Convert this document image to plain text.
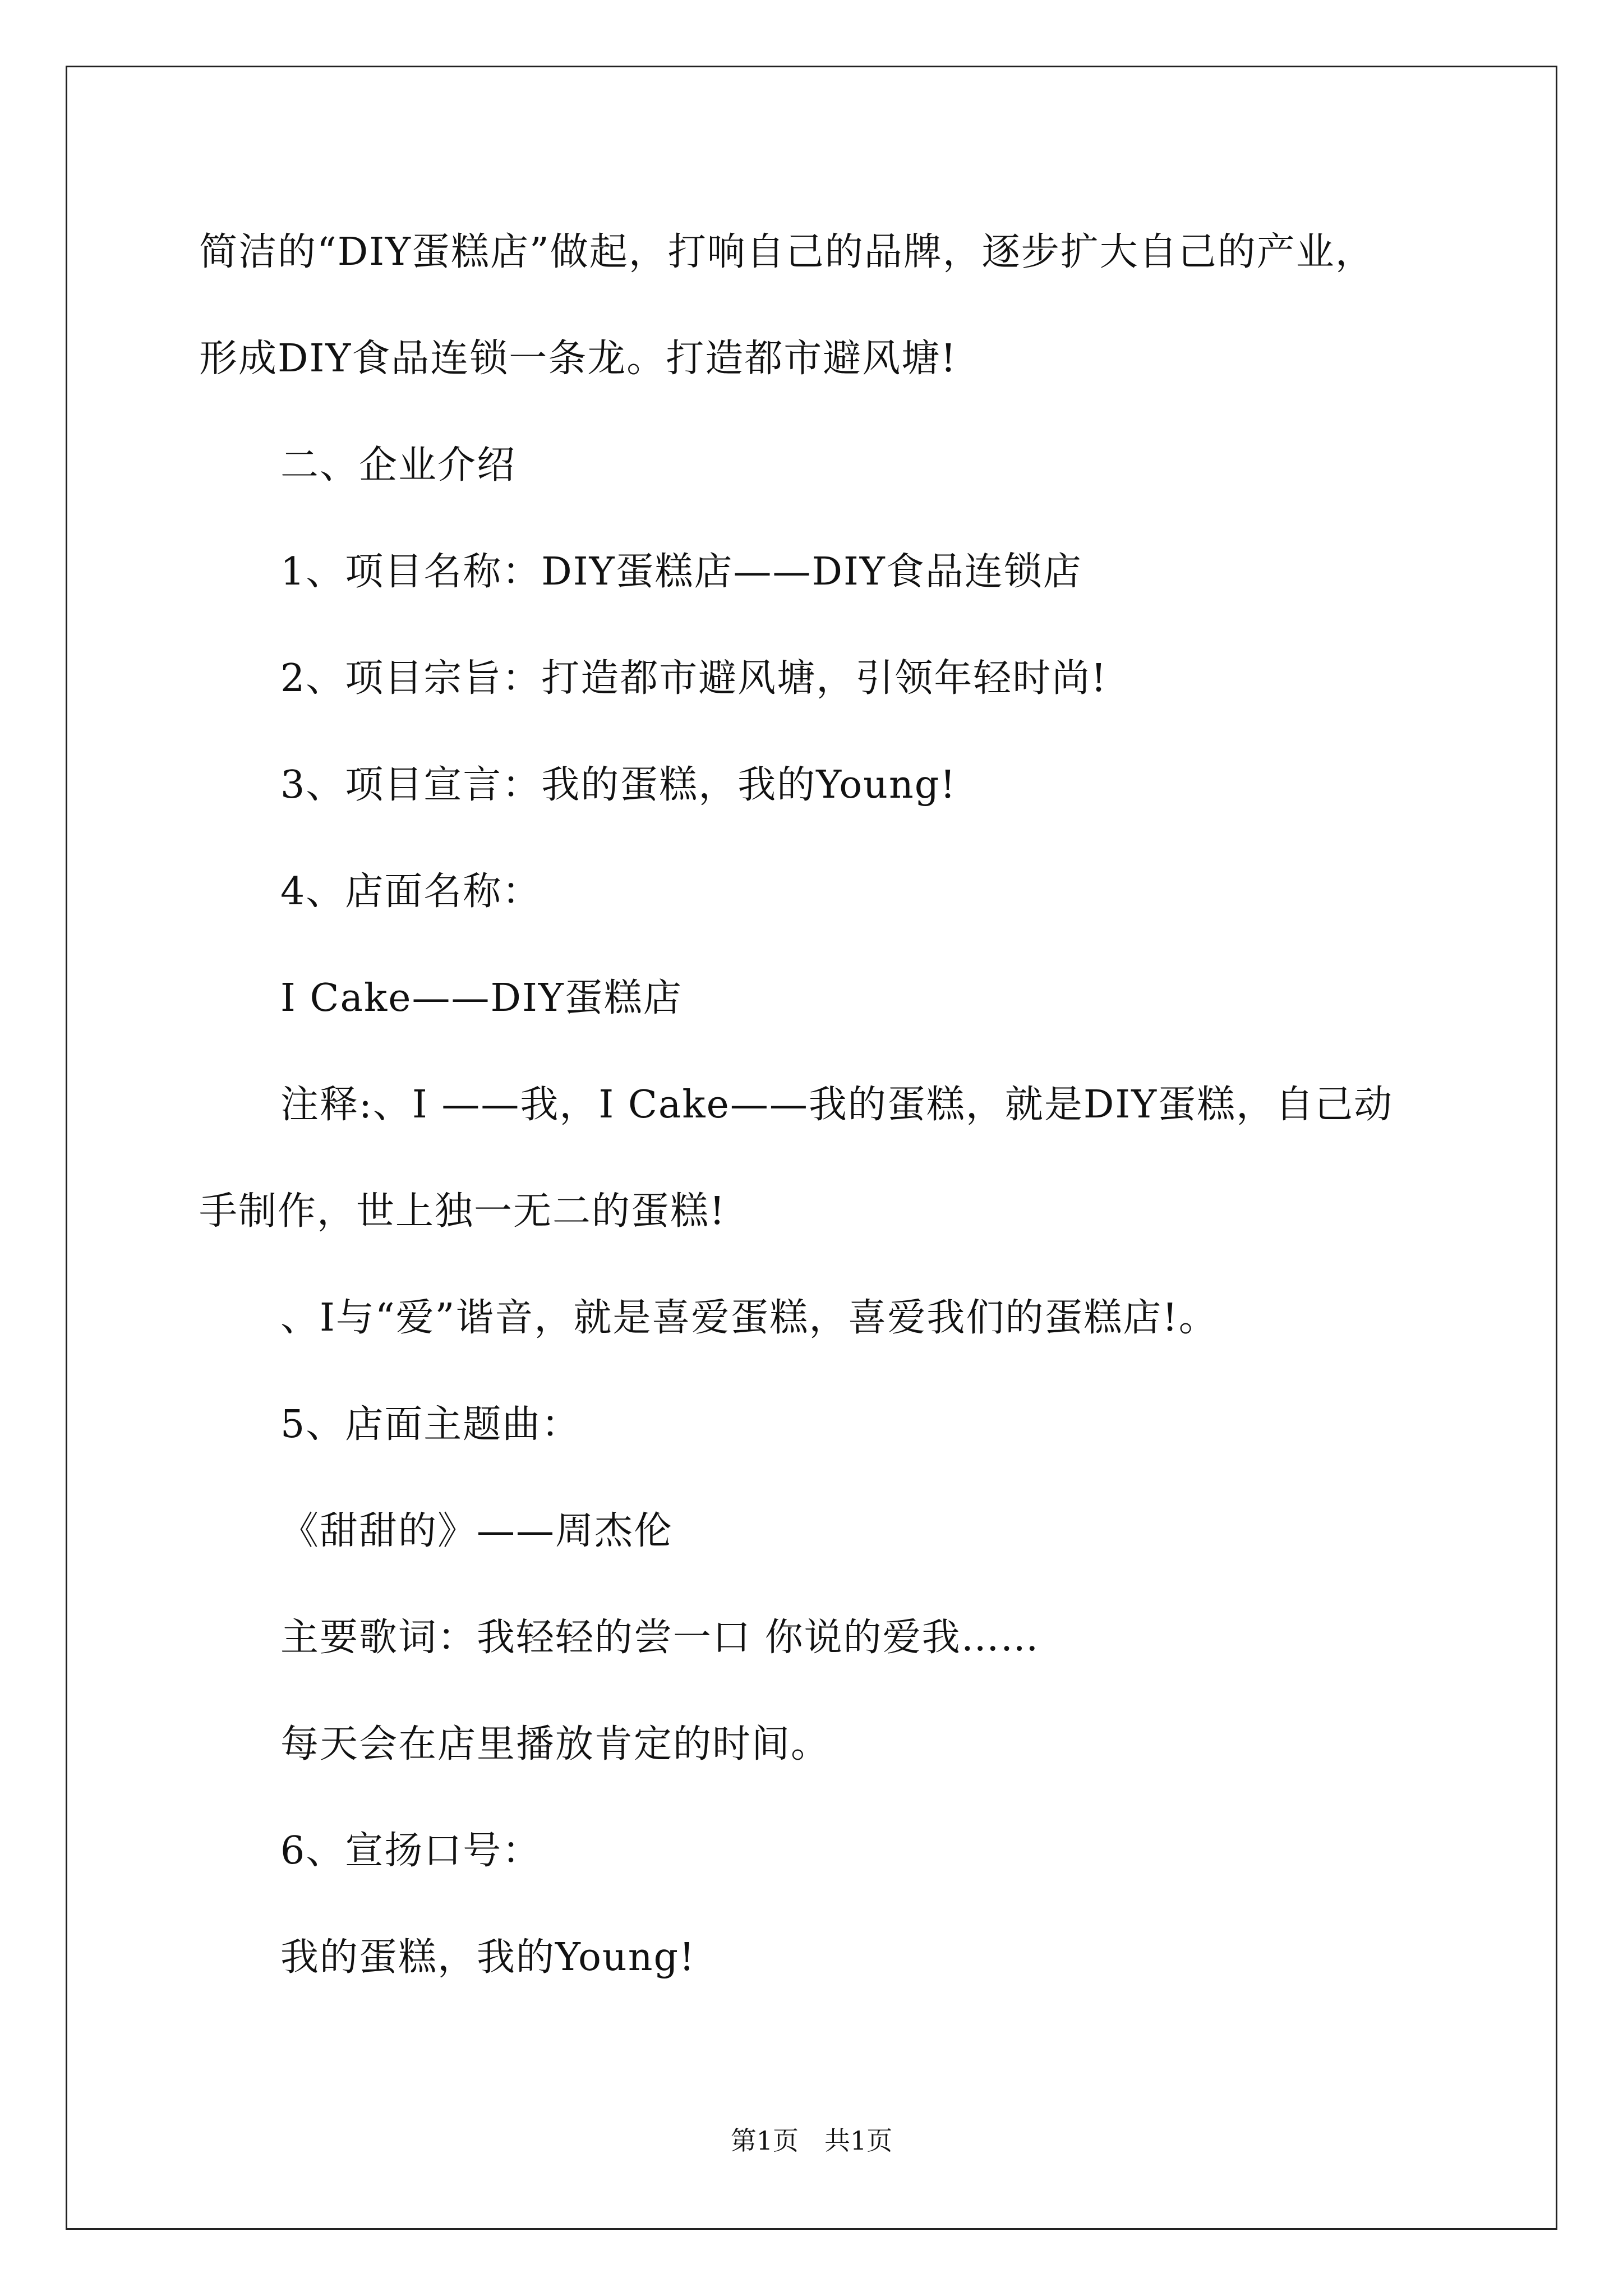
简洁的“DIY蛋糕店”做起，打响自己的品牌，逐步扩大自己的产业，
形成DIY食品连锁一条龙。打造都市避风塘!
二、企业介绍
1、项目名称：DIY蛋糕店——DIY食品连锁店
2、项目宗旨：打造都市避风塘，引领年轻时尚!
3、项目宣言：我的蛋糕，我的Young!
4、店面名称：
I Cake——DIY蛋糕店
注释:、I ——我，I Cake——我的蛋糕，就是DIY蛋糕，自己动
手制作，世上独一无二的蛋糕!
、I与“爱”谐音，就是喜爱蛋糕，喜爱我们的蛋糕店!。
5、店面主题曲：
《甜甜的》——周杰伦
主要歌词：我轻轻的尝一口 你说的爱我……
每天会在店里播放肯定的时间。
6、宣扬口号：
我的蛋糕，我的Young!
第1页　共1页
